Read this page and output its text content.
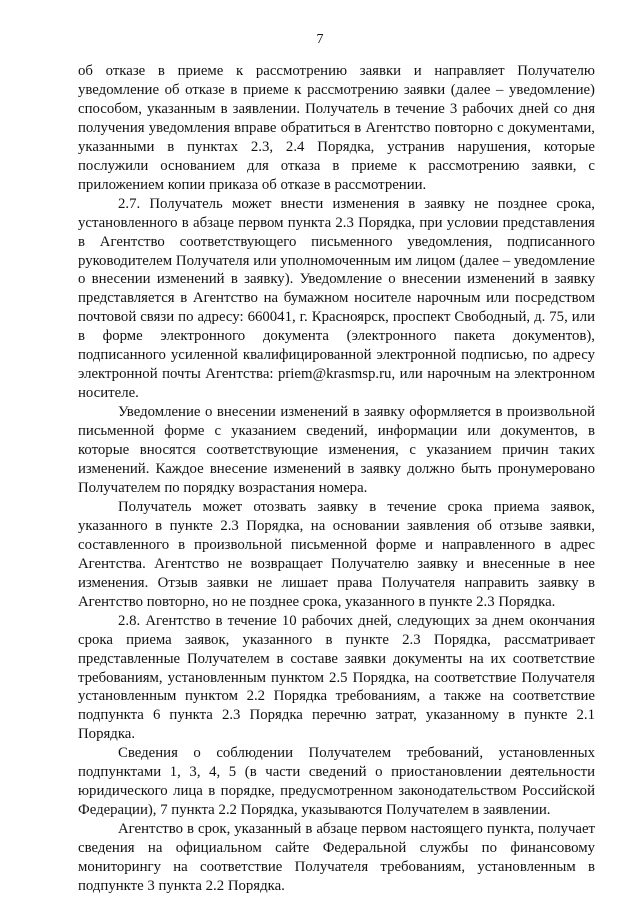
7

об отказе в приеме к рассмотрению заявки и направляет Получателю уведомление об отказе в приеме к рассмотрению заявки (далее – уведомление) способом, указанным в заявлении. Получатель в течение 3 рабочих дней со дня получения уведомления вправе обратиться в Агентство повторно с документами, указанными в пунктах 2.3, 2.4 Порядка, устранив нарушения, которые послужили основанием для отказа в приеме к рассмотрению заявки, с приложением копии приказа об отказе в рассмотрении.

2.7. Получатель может внести изменения в заявку не позднее срока, установленного в абзаце первом пункта 2.3 Порядка, при условии представления в Агентство соответствующего письменного уведомления, подписанного руководителем Получателя или уполномоченным им лицом (далее – уведомление о внесении изменений в заявку). Уведомление о внесении изменений в заявку представляется в Агентство на бумажном носителе нарочным или посредством почтовой связи по адресу: 660041, г. Красноярск, проспект Свободный, д. 75, или в форме электронного документа (электронного пакета документов), подписанного усиленной квалифицированной электронной подписью, по адресу электронной почты Агентства: priem@krasmsp.ru, или нарочным на электронном носителе.

Уведомление о внесении изменений в заявку оформляется в произвольной письменной форме с указанием сведений, информации или документов, в которые вносятся соответствующие изменения, с указанием причин таких изменений. Каждое внесение изменений в заявку должно быть пронумеровано Получателем по порядку возрастания номера.

Получатель может отозвать заявку в течение срока приема заявок, указанного в пункте 2.3 Порядка, на основании заявления об отзыве заявки, составленного в произвольной письменной форме и направленного в адрес Агентства. Агентство не возвращает Получателю заявку и внесенные в нее изменения. Отзыв заявки не лишает права Получателя направить заявку в Агентство повторно, но не позднее срока, указанного в пункте 2.3 Порядка.

2.8. Агентство в течение 10 рабочих дней, следующих за днем окончания срока приема заявок, указанного в пункте 2.3 Порядка, рассматривает представленные Получателем в составе заявки документы на их соответствие требованиям, установленным пунктом 2.5 Порядка, на соответствие Получателя установленным пунктом 2.2 Порядка требованиям, а также на соответствие подпункта 6 пункта 2.3 Порядка перечню затрат, указанному в пункте 2.1 Порядка.

Сведения о соблюдении Получателем требований, установленных подпунктами 1, 3, 4, 5 (в части сведений о приостановлении деятельности юридического лица в порядке, предусмотренном законодательством Российской Федерации), 7 пункта 2.2 Порядка, указываются Получателем в заявлении.

Агентство в срок, указанный в абзаце первом настоящего пункта, получает сведения на официальном сайте Федеральной службы по финансовому мониторингу на соответствие Получателя требованиям, установленным в подпункте 3 пункта 2.2 Порядка.
